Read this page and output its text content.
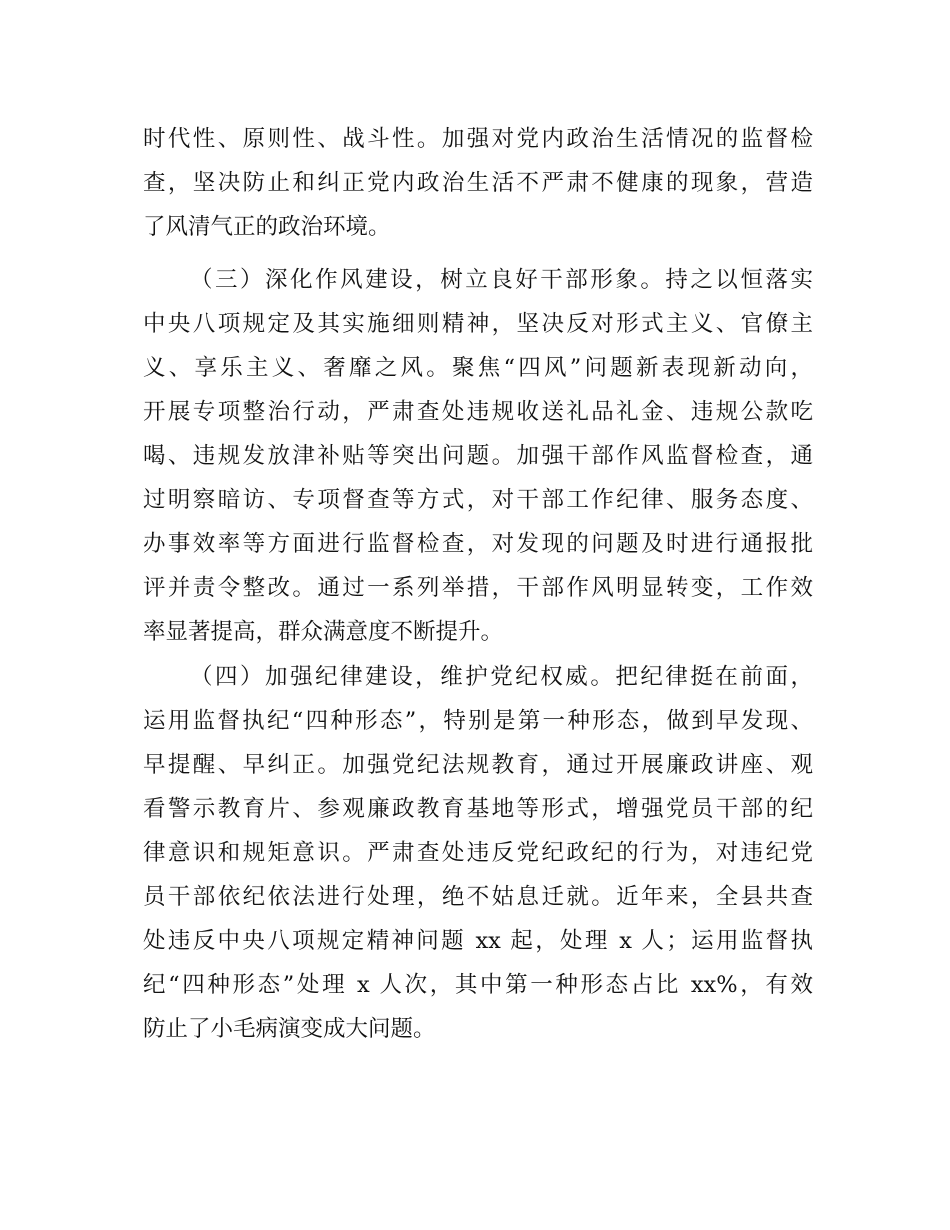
时代性、原则性、战斗性。加强对党内政治生活情况的监督检
查，坚决防止和纠正党内政治生活不严肃不健康的现象，营造
了风清气正的政治环境。
（三）深化作风建设，树立良好干部形象。持之以恒落实
中央八项规定及其实施细则精神，坚决反对形式主义、官僚主
义、享乐主义、奢靡之风。聚焦“四风”问题新表现新动向，
开展专项整治行动，严肃查处违规收送礼品礼金、违规公款吃
喝、违规发放津补贴等突出问题。加强干部作风监督检查，通
过明察暗访、专项督查等方式，对干部工作纪律、服务态度、
办事效率等方面进行监督检查，对发现的问题及时进行通报批
评并责令整改。通过一系列举措，干部作风明显转变，工作效
率显著提高，群众满意度不断提升。
（四）加强纪律建设，维护党纪权威。把纪律挺在前面，
运用监督执纪“四种形态”，特别是第一种形态，做到早发现、
早提醒、早纠正。加强党纪法规教育，通过开展廉政讲座、观
看警示教育片、参观廉政教育基地等形式，增强党员干部的纪
律意识和规矩意识。严肃查处违反党纪政纪的行为，对违纪党
员干部依纪依法进行处理，绝不姑息迁就。近年来，全县共查
处违反中央八项规定精神问题 xx 起，处理 x 人；运用监督执
纪“四种形态”处理 x 人次，其中第一种形态占比 xx%，有效
防止了小毛病演变成大问题。
